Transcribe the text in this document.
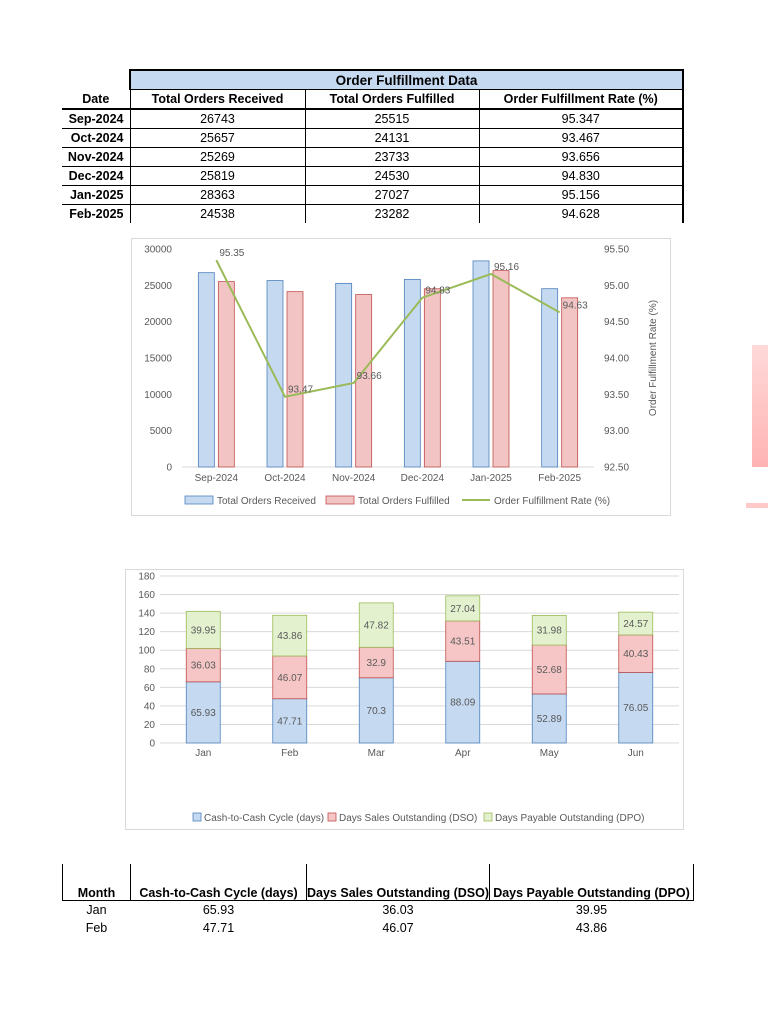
	Order Fulfillment Data		
Date	Total Orders Received	Total Orders Fulfilled	Order Fulfillment Rate (%)
Sep-2024	26743	25515	95.347
Oct-2024	25657	24131	93.467
Nov-2024	25269	23733	93.656
Dec-2024	25819	24530	94.830
Jan-2025	28363	27027	95.156
Feb-2025	24538	23282	94.628
0
5000
10000
15000
20000
25000
30000
92.50
93.00
93.50
94.00
94.50
95.00
95.50
Order Fulfillment Rate (%)
Sep-2024	Oct-2024	Nov-2024	Dec-2024	Jan-2025	Feb-2025
95.35
93.47
93.66
94.83
95.16
94.63
Total Orders Received	Total Orders Fulfilled	Order Fulfillment Rate (%)
0
20
40
60
80
100
120
140
160
180
65.93
36.03
39.95
Jan
47.71
46.07
43.86
Feb
70.3
32.9
47.82
Mar
88.09
43.51
27.04
Apr
52.89
52.68
31.98
May
76.05
40.43
24.57
Jun
Cash-to-Cash Cycle (days) Days Sales Outstanding (DSO) Days Payable Outstanding (DPO)
Month	Cash-to-Cash Cycle (days)	Days Sales Outstanding (DSO)	Days Payable Outstanding (DPO)
Jan	65.93	36.03	39.95
Feb	47.71	46.07	43.86
